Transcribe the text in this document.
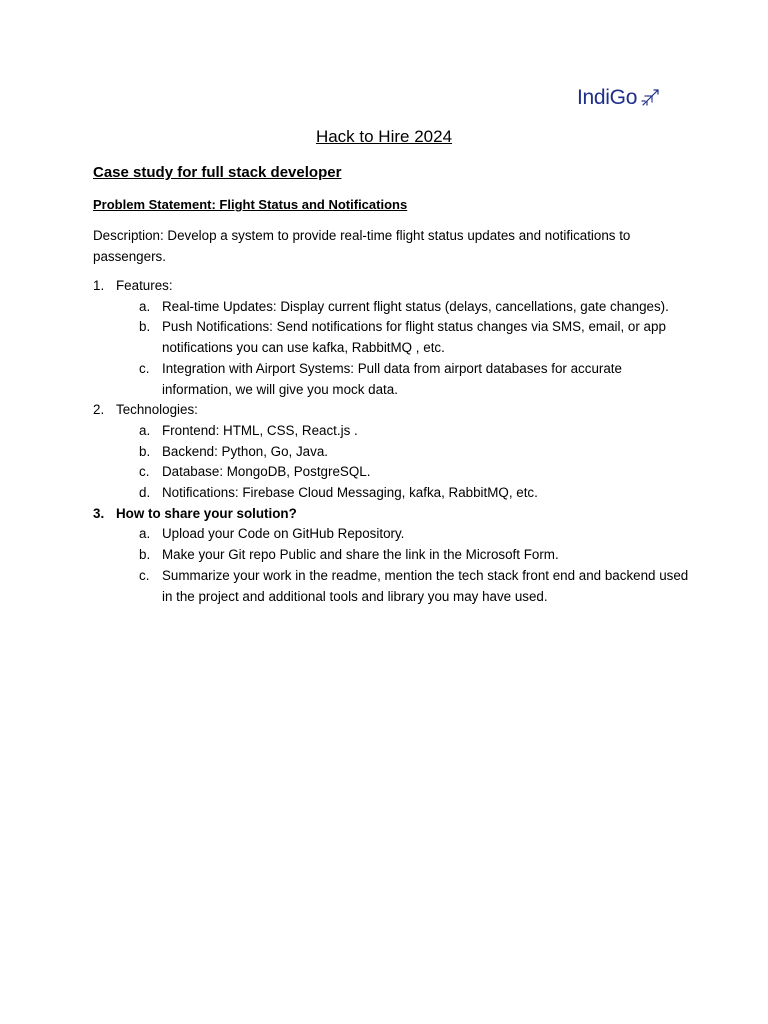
IndiGo
Hack to Hire 2024
Case study for full stack developer
Problem Statement: Flight Status and Notifications
Description: Develop a system to provide real-time flight status updates and notifications to passengers.
1. Features:
a. Real-time Updates: Display current flight status (delays, cancellations, gate changes).
b. Push Notifications: Send notifications for flight status changes via SMS, email, or app notifications you can use kafka, RabbitMQ , etc.
c. Integration with Airport Systems: Pull data from airport databases for accurate information, we will give you mock data.
2. Technologies:
a. Frontend: HTML, CSS, React.js .
b. Backend: Python, Go, Java.
c. Database: MongoDB, PostgreSQL.
d. Notifications: Firebase Cloud Messaging, kafka, RabbitMQ, etc.
3. How to share your solution?
a. Upload your Code on GitHub Repository.
b. Make your Git repo Public and share the link in the Microsoft Form.
c. Summarize your work in the readme, mention the tech stack front end and backend used in the project and additional tools and library you may have used.
